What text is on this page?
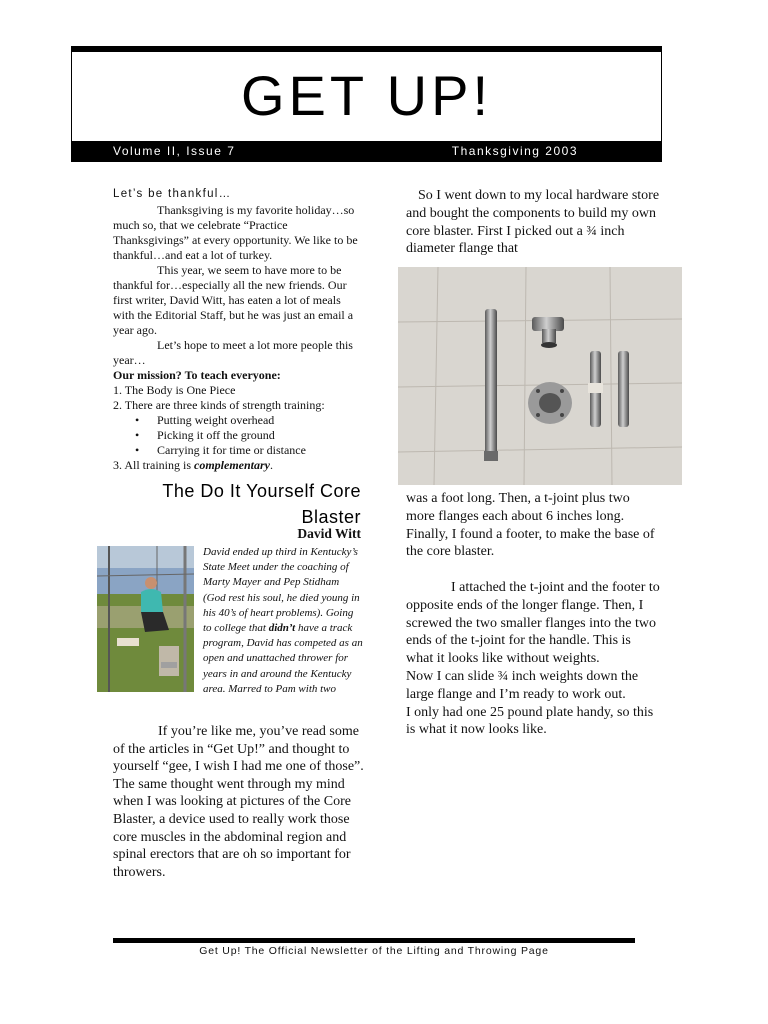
GET UP!
Volume II, Issue 7	Thanksgiving 2003
Let’s be thankful…

Thanksgiving is my favorite holiday…so much so, that we celebrate “Practice Thanksgivings” at every opportunity. We like to be thankful…and eat a lot of turkey.

This year, we seem to have more to be thankful for…especially all the new friends. Our first writer, David Witt, has eaten a lot of meals with the Editorial Staff, but he was just an email a year ago.

Let’s hope to meet a lot more people this year…

Our mission? To teach everyone:
1. The Body is One Piece
2. There are three kinds of strength training:
• Putting weight overhead
• Picking it off the ground
• Carrying it for time or distance
3. All training is complementary.
The Do It Yourself Core Blaster
David Witt
David ended up third in Kentucky’s State Meet under the coaching of Marty Mayer and Pep Stidham (God rest his soul, he died young in his 40’s of heart problems). Going to college that didn’t have a track program, David has competed as an open and unattached thrower for years in and around the Kentucky area. Marred to Pam with two

If you’re like me, you’ve read some of the articles in “Get Up!” and thought to yourself “gee, I wish I had me one of those”. The same thought went through my mind when I was looking at pictures of the Core Blaster, a device used to really work those core muscles in the abdominal region and spinal erectors that are oh so important for throwers.

So I went down to my local hardware store and bought the components to build my own core blaster. First I picked out a ¾ inch diameter flange that

was a foot long. Then, a t-joint plus two more flanges each about 6 inches long. Finally, I found a footer, to make the base of the core blaster.

I attached the t-joint and the footer to opposite ends of the longer flange. Then, I screwed the two smaller flanges into the two ends of the t-joint for the handle. This is what it looks like without weights.

Now I can slide ¾ inch weights down the large flange and I’m ready to work out.

I only had one 25 pound plate handy, so this is what it now looks like.

Get Up! The Official Newsletter of the Lifting and Throwing Page
